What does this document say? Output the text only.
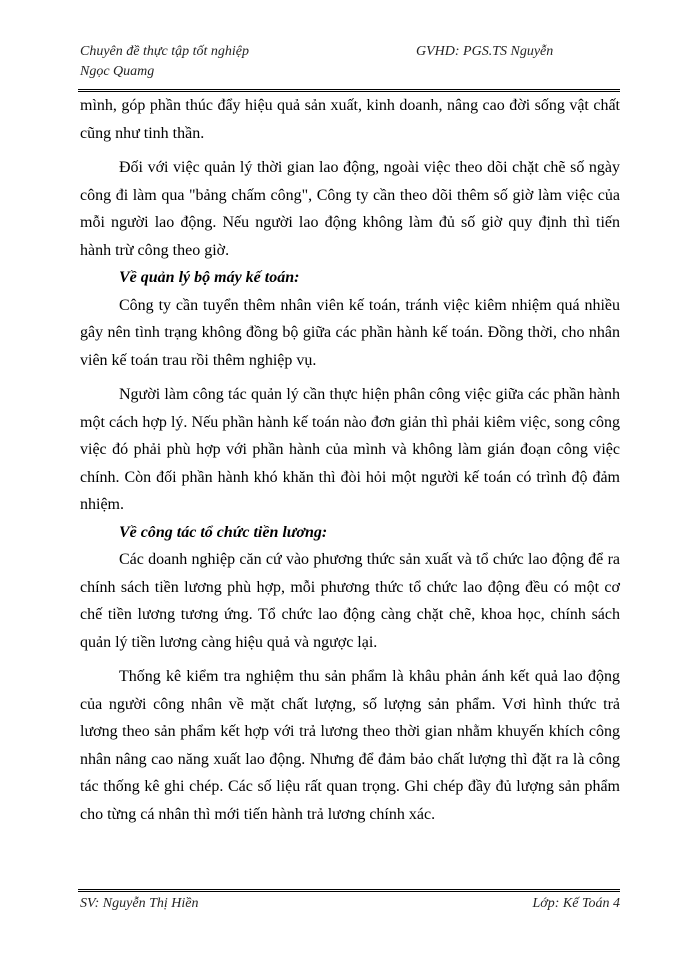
Chuyên đề thực tập tốt nghiệp
Ngọc Quamg
GVHD: PGS.TS Nguyễn

mình, góp phần thúc đẩy hiệu quả sản xuất, kinh doanh, nâng cao đời sống vật chất cũng như tinh thần.

Đối với việc quản lý thời gian lao động, ngoài việc theo dõi chặt chẽ số ngày công đi làm qua "bảng chấm công", Công ty cần theo dõi thêm số giờ làm việc của mỗi người lao động. Nếu người lao động không làm đủ số giờ quy định thì tiến hành trừ công theo giờ.

Về quản lý bộ máy kế toán:

Công ty cần tuyển thêm nhân viên kế toán, tránh việc kiêm nhiệm quá nhiều gây nên tình trạng không đồng bộ giữa các phần hành kế toán. Đồng thời, cho nhân viên kế toán trau rồi thêm nghiệp vụ.

Người làm công tác quản lý cần thực hiện phân công việc giữa các phần hành một cách hợp lý. Nếu phần hành kế toán nào đơn giản thì phải kiêm việc, song công việc đó phải phù hợp với phần hành của mình và không làm gián đoạn công việc chính. Còn đối phần hành khó khăn thì đòi hỏi một người kế toán có trình độ đảm nhiệm.

Về công tác tổ chức tiền lương:

Các doanh nghiệp căn cứ vào phương thức sản xuất và tổ chức lao động để ra chính sách tiền lương phù hợp, mỗi phương thức tổ chức lao động đều có một cơ chế tiền lương tương ứng. Tổ chức lao động càng chặt chẽ, khoa học, chính sách quản lý tiền lương càng hiệu quả và ngược lại.

Thống kê kiểm tra nghiệm thu sản phẩm là khâu phản ánh kết quả lao động của người công nhân về mặt chất lượng, số lượng sản phẩm. Vơi hình thức trả lương theo sản phẩm kết hợp với trả lương theo thời gian nhằm khuyến khích công nhân nâng cao năng xuất lao động. Nhưng để đảm bảo chất lượng thì đặt ra là công tác thống kê ghi chép. Các số liệu rất quan trọng. Ghi chép đầy đủ lượng sản phẩm cho từng cá nhân thì mới tiến hành trả lương chính xác.

SV: Nguyễn Thị Hiền	Lớp: Kế Toán 4
